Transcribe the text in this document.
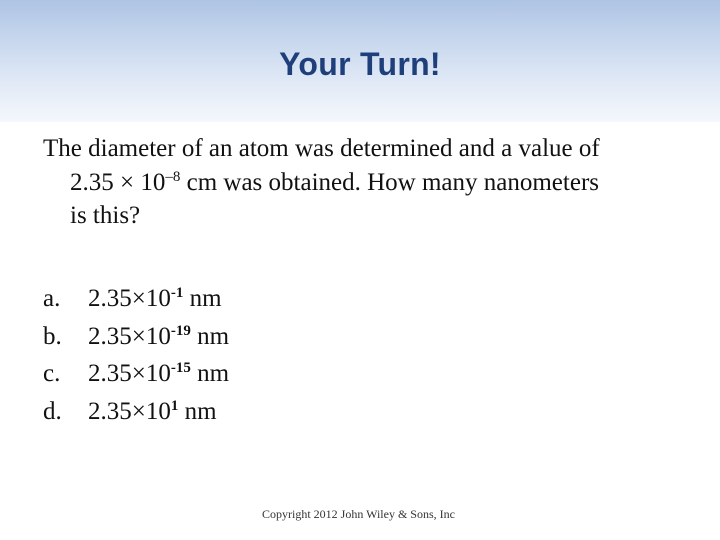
Your Turn!
The diameter of an atom was determined and a value of
$2.35 \times 10^{-8}$ cm was obtained. How many nanometers
is this?
a.	$2.35\times 10^{-1}$ nm
b.	$2.35\times 10^{-19}$ nm
c.	$2.35\times 10^{-15}$ nm
d.	$2.35\times 10^1$ nm
Copyright 2012 John Wiley & Sons, Inc
